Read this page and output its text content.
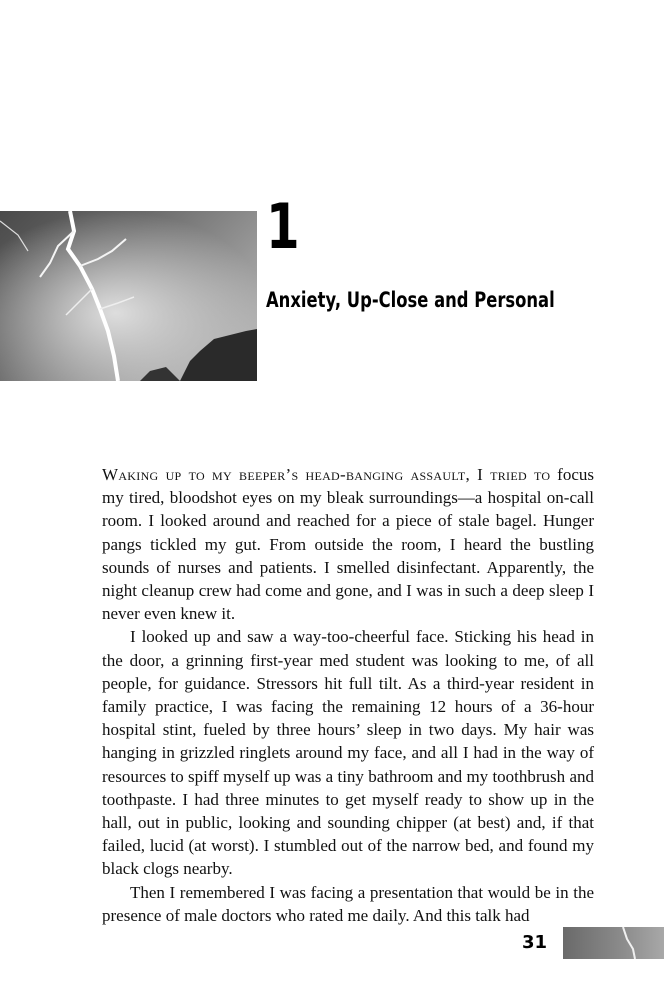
1
Anxiety, Up-Close and Personal

Waking up to my beeper’s head-banging assault, I tried to focus my tired, bloodshot eyes on my bleak surroundings—a hospital on-call room. I looked around and reached for a piece of stale bagel. Hunger pangs tickled my gut. From outside the room, I heard the bustling sounds of nurses and patients. I smelled disinfectant. Apparently, the night cleanup crew had come and gone, and I was in such a deep sleep I never even knew it.

I looked up and saw a way-too-cheerful face. Sticking his head in the door, a grinning first-year med student was looking to me, of all people, for guidance. Stressors hit full tilt. As a third-year resident in family practice, I was facing the remaining 12 hours of a 36-hour hospital stint, fueled by three hours’ sleep in two days. My hair was hanging in grizzled ringlets around my face, and all I had in the way of resources to spiff myself up was a tiny bathroom and my toothbrush and toothpaste. I had three minutes to get myself ready to show up in the hall, out in public, looking and sounding chipper (at best) and, if that failed, lucid (at worst). I stumbled out of the narrow bed, and found my black clogs nearby.

Then I remembered I was facing a presentation that would be in the presence of male doctors who rated me daily. And this talk had

31
